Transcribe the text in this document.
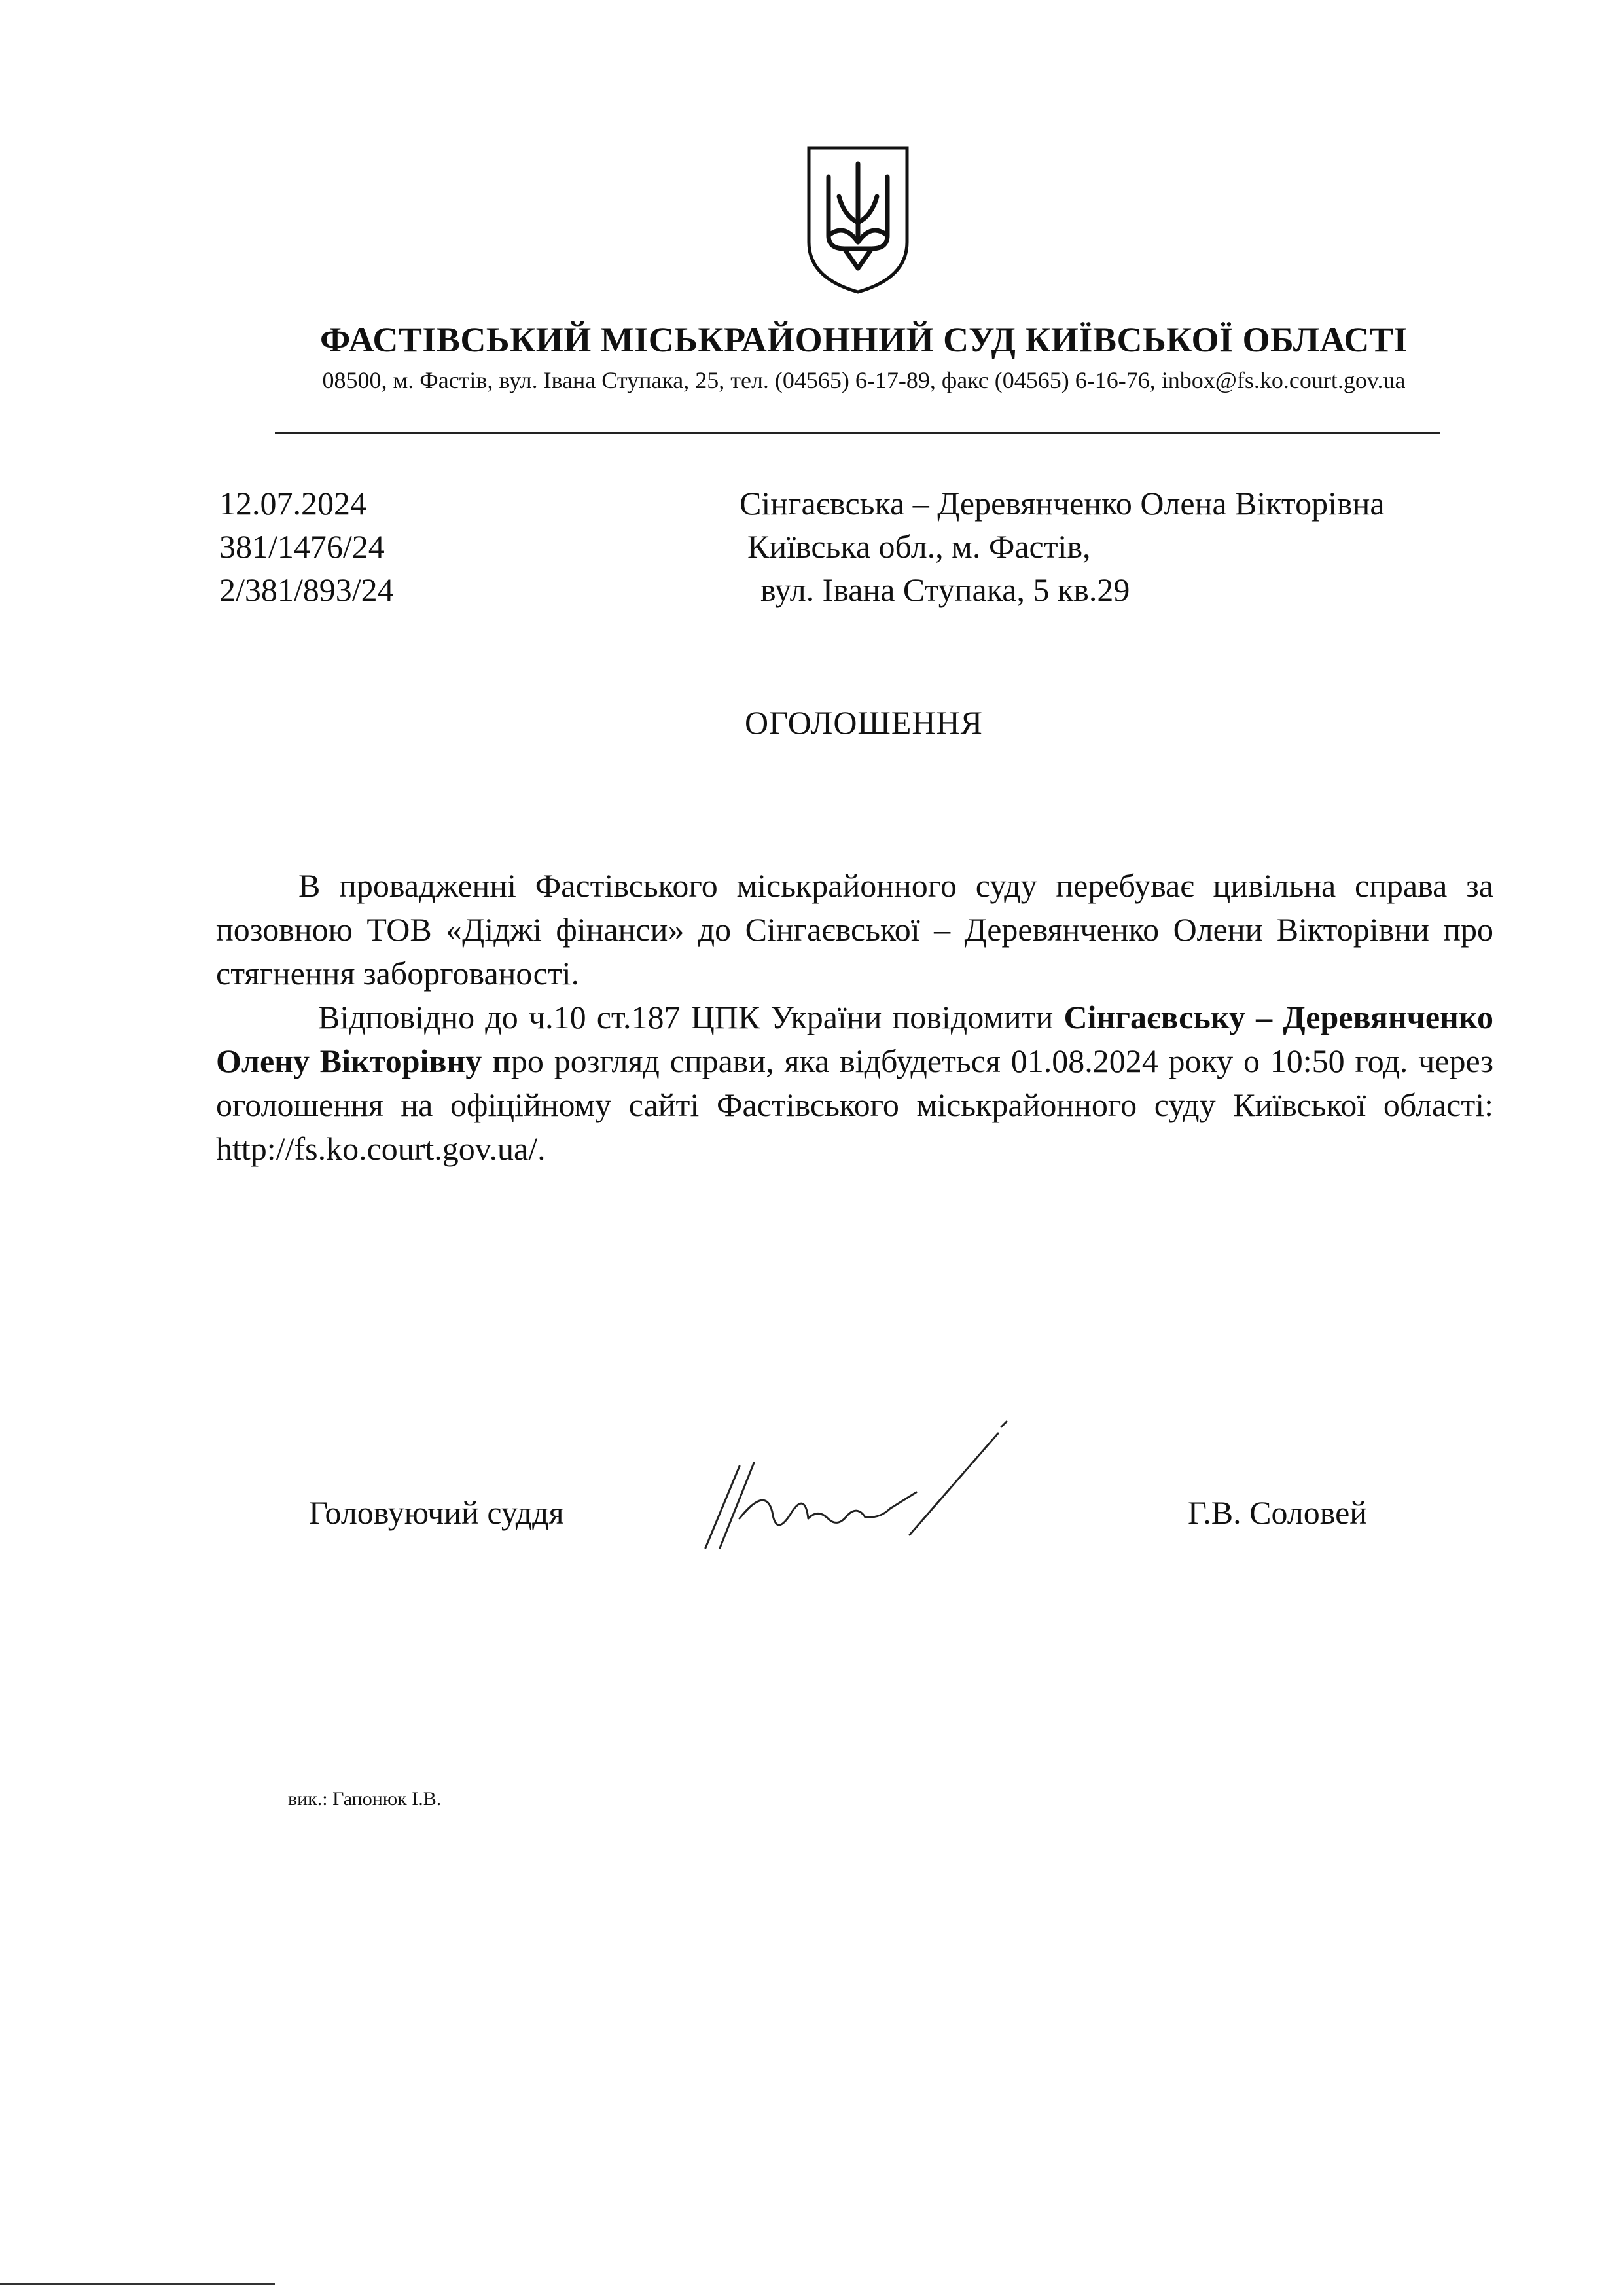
ФАСТІВСЬКИЙ МІСЬКРАЙОННИЙ СУД КИЇВСЬКОЇ ОБЛАСТІ
08500, м. Фастів, вул. Івана Ступака, 25, тел. (04565) 6-17-89, факс (04565) 6-16-76, inbox@fs.ko.court.gov.ua
12.07.2024
381/1476/24
2/381/893/24
Сінгаєвська – Деревянченко Олена Вікторівна
Київська обл., м. Фастів,
вул. Івана Ступака, 5 кв.29
ОГОЛОШЕННЯ

В провадженні Фастівського міськрайонного суду перебуває цивільна справа за позовною ТОВ «Діджі фінанси» до Сінгаєвської – Деревянченко Олени Вікторівни про стягнення заборгованості.

Відповідно до ч.10 ст.187 ЦПК України повідомити Сінгаєвську – Деревянченко Олену Вікторівну про розгляд справи, яка відбудеться 01.08.2024 року о 10:50 год. через оголошення на офіційному сайті Фастівського міськрайонного суду Київської області: http://fs.ko.court.gov.ua/.

Головуючий суддя	Г.В. Соловей
вик.: Гапонюк І.В.
